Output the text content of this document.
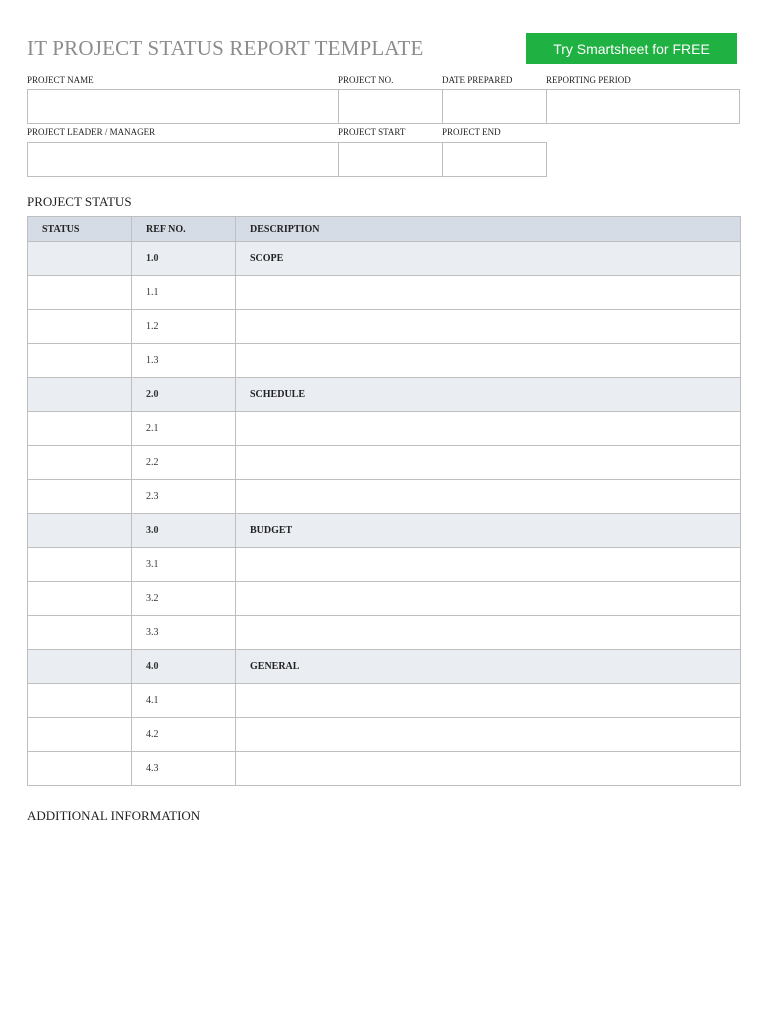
IT PROJECT STATUS REPORT TEMPLATE	Try Smartsheet for FREE
PROJECT NAME	PROJECT NO.	DATE PREPARED	REPORTING PERIOD
PROJECT LEADER / MANAGER	PROJECT START	PROJECT END
PROJECT STATUS
STATUS	REF NO.	DESCRIPTION
	1.0	SCOPE
	1.1	
	1.2	
	1.3	
	2.0	SCHEDULE
	2.1	
	2.2	
	2.3	
	3.0	BUDGET
	3.1	
	3.2	
	3.3	
	4.0	GENERAL
	4.1	
	4.2	
	4.3	
ADDITIONAL INFORMATION
